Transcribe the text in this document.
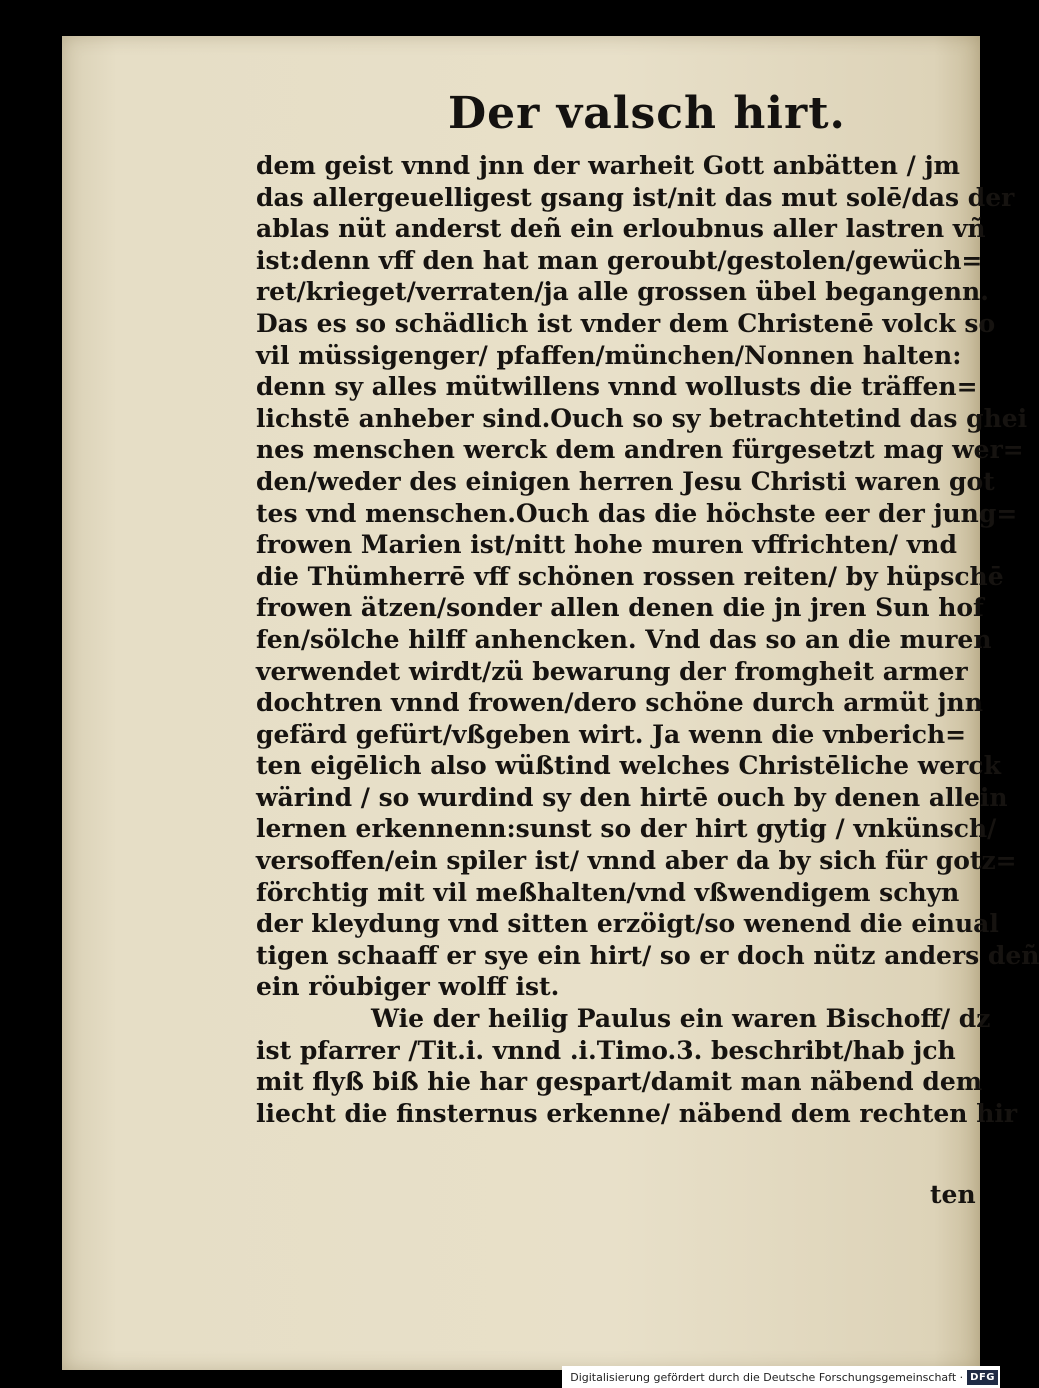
Der valsch hirt.
dem geist vnnd jnn der warheit Gott anbätten / jm
das allergeuelligest gsang ist/nit das mut solē/das der
ablas nüt anderst deñ ein erloubnus aller lastren vñ
ist:denn vff den hat man geroubt/gestolen/gewüch=
ret/krieget/verraten/ja alle grossen übel begangenn.
Das es so schädlich ist vnder dem Christenē volck so
vil müssigenger/ pfaffen/münchen/Nonnen halten:
denn sy alles mütwillens vnnd wollusts die träffen=
lichstē anheber sind.Ouch so sy betrachtetind das ghei
nes menschen werck dem andren fürgesetzt mag wer=
den/weder des einigen herren Jesu Christi waren got
tes vnd menschen.Ouch das die höchste eer der jung=
frowen Marien ist/nitt hohe muren vffrichten/ vnd
die Thümherrē vff schönen rossen reiten/ by hüpschē
frowen ätzen/sonder allen denen die jn jren Sun hof
fen/sölche hilff anhencken. Vnd das so an die muren
verwendet wirdt/zü bewarung der fromgheit armer
dochtren vnnd frowen/dero schöne durch armüt jnn
gefärd gefürt/vßgeben wirt. Ja wenn die vnberich=
ten eigēlich also wüßtind welches Christēliche werck
wärind / so wurdind sy den hirtē ouch by denen allein
lernen erkennenn:sunst so der hirt gytig / vnkünsch/
versoffen/ein spiler ist/ vnnd aber da by sich für gotz=
förchtig mit vil meßhalten/vnd vßwendigem schyn
der kleydung vnd sitten erzöigt/so wenend die einual
tigen schaaff er sye ein hirt/ so er doch nütz anders deñ
ein röubiger wolff ist.
Wie der heilig Paulus ein waren Bischoff/ dz
ist pfarrer /Tit.i. vnnd .i.Timo.3. beschribt/hab jch
mit flyß biß hie har gespart/damit man näbend dem
liecht die finsternus erkenne/ näbend dem rechten hir
ten
Digitalisierung gefördert durch die Deutsche Forschungsgemeinschaft · DFG
